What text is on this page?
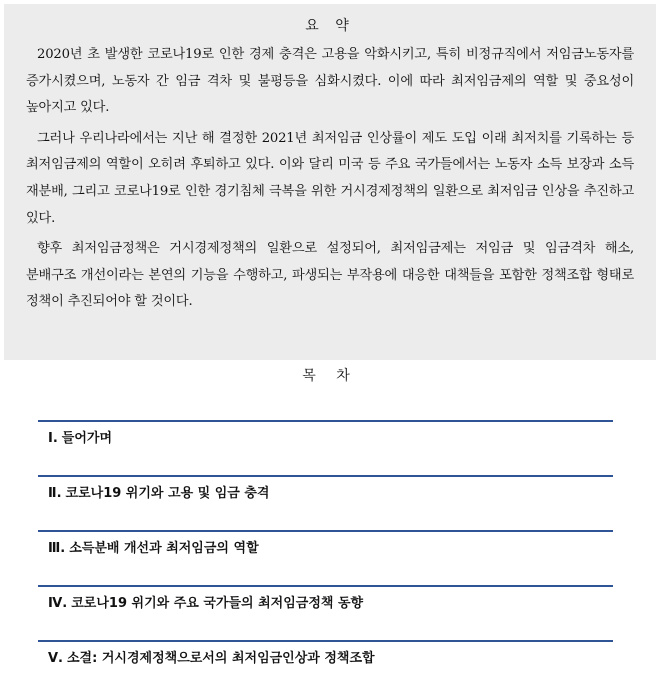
요 약

2020년 초 발생한 코로나19로 인한 경제 충격은 고용을 악화시키고, 특히 비정규직에서 저임금노동자를 증가시켰으며, 노동자 간 임금 격차 및 불평등을 심화시켰다. 이에 따라 최저임금제의 역할 및 중요성이 높아지고 있다.

그러나 우리나라에서는 지난 해 결정한 2021년 최저임금 인상률이 제도 도입 이래 최저치를 기록하는 등 최저임금제의 역할이 오히려 후퇴하고 있다. 이와 달리 미국 등 주요 국가들에서는 노동자 소득 보장과 소득 재분배, 그리고 코로나19로 인한 경기침체 극복을 위한 거시경제정책의 일환으로 최저임금 인상을 추진하고 있다.

향후 최저임금정책은 거시경제정책의 일환으로 설정되어, 최저임금제는 저임금 및 임금격차 해소, 분배구조 개선이라는 본연의 기능을 수행하고, 파생되는 부작용에 대응한 대책들을 포함한 정책조합 형태로 정책이 추진되어야 할 것이다.

목 차
Ⅰ. 들어가며
Ⅱ. 코로나19 위기와 고용 및 임금 충격
Ⅲ. 소득분배 개선과 최저임금의 역할
Ⅳ. 코로나19 위기와 주요 국가들의 최저임금정책 동향
Ⅴ. 소결: 거시경제정책으로서의 최저임금인상과 정책조합
